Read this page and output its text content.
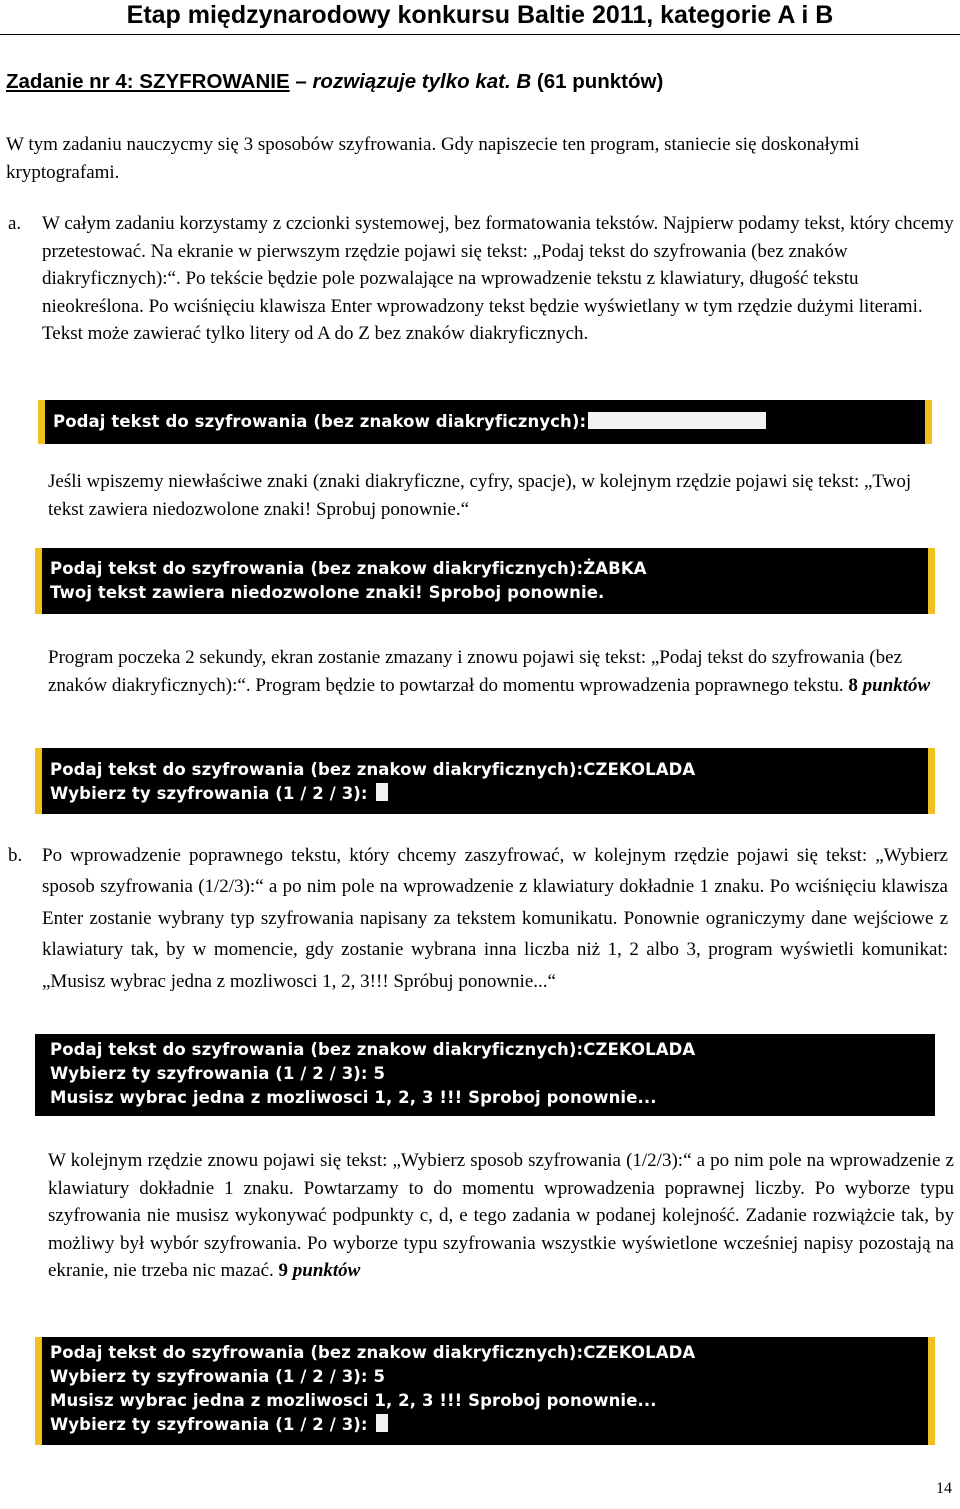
Etap międzynarodowy konkursu Baltie 2011, kategorie A i B
Zadanie nr 4: SZYFROWANIE – rozwiązuje tylko kat. B (61 punktów)
W tym zadaniu nauczycmy się 3 sposobów szyfrowania. Gdy napiszecie ten program, staniecie się doskonałymi kryptografami.
a. W całym zadaniu korzystamy z czcionki systemowej, bez formatowania tekstów. Najpierw podamy tekst, który chcemy przetestować. Na ekranie w pierwszym rzędzie pojawi się tekst: „Podaj tekst do szyfrowania (bez znaków diakryficznych):“. Po tekście będzie pole pozwalające na wprowadzenie tekstu z klawiatury, długość tekstu nieokreślona. Po wciśnięciu klawisza Enter wprowadzony tekst będzie wyświetlany w tym rzędzie dużymi literami. Tekst może zawierać tylko litery od A do Z bez znaków diakryficznych.
Podaj tekst do szyfrowania (bez znakow diakryficznych):
Jeśli wpiszemy niewłaściwe znaki (znaki diakryficzne, cyfry, spacje), w kolejnym rzędzie pojawi się tekst: „Twoj tekst zawiera niedozwolone znaki! Sprobuj ponownie.“
Podaj tekst do szyfrowania (bez znakow diakryficznych):ŻABKA
Twoj tekst zawiera niedozwolone znaki! Sproboj ponownie.
Program poczeka 2 sekundy, ekran zostanie zmazany i znowu pojawi się tekst: „Podaj tekst do szyfrowania (bez znaków diakryficznych):“. Program będzie to powtarzał do momentu wprowadzenia poprawnego tekstu. 8 punktów
Podaj tekst do szyfrowania (bez znakow diakryficznych):CZEKOLADA
Wybierz ty szyfrowania (1 / 2 / 3):
b. Po wprowadzenie poprawnego tekstu, który chcemy zaszyfrować, w kolejnym rzędzie pojawi się tekst: „Wybierz sposob szyfrowania (1/2/3):“ a po nim pole na wprowadzenie z klawiatury dokładnie 1 znaku. Po wciśnięciu klawisza Enter zostanie wybrany typ szyfrowania napisany za tekstem komunikatu. Ponownie ograniczymy dane wejściowe z klawiatury tak, by w momencie, gdy zostanie wybrana inna liczba niż 1, 2 albo 3, program wyświetli komunikat: „Musisz wybrac jedna z mozliwosci 1, 2, 3!!! Spróbuj ponownie...“
Podaj tekst do szyfrowania (bez znakow diakryficznych):CZEKOLADA
Wybierz ty szyfrowania (1 / 2 / 3): 5
Musisz wybrac jedna z mozliwosci 1, 2, 3 !!! Sproboj ponownie...
W kolejnym rzędzie znowu pojawi się tekst: „Wybierz sposob szyfrowania (1/2/3):“ a po nim pole na wprowadzenie z klawiatury dokładnie 1 znaku. Powtarzamy to do momentu wprowadzenia poprawnej liczby. Po wyborze typu szyfrowania nie musisz wykonywać podpunkty c, d, e tego zadania w podanej kolejność. Zadanie rozwiążcie tak, by możliwy był wybór szyfrowania. Po wyborze typu szyfrowania wszystkie wyświetlone wcześniej napisy pozostają na ekranie, nie trzeba nic mazać. 9 punktów
Podaj tekst do szyfrowania (bez znakow diakryficznych):CZEKOLADA
Wybierz ty szyfrowania (1 / 2 / 3): 5
Musisz wybrac jedna z mozliwosci 1, 2, 3 !!! Sproboj ponownie...
Wybierz ty szyfrowania (1 / 2 / 3):
14
